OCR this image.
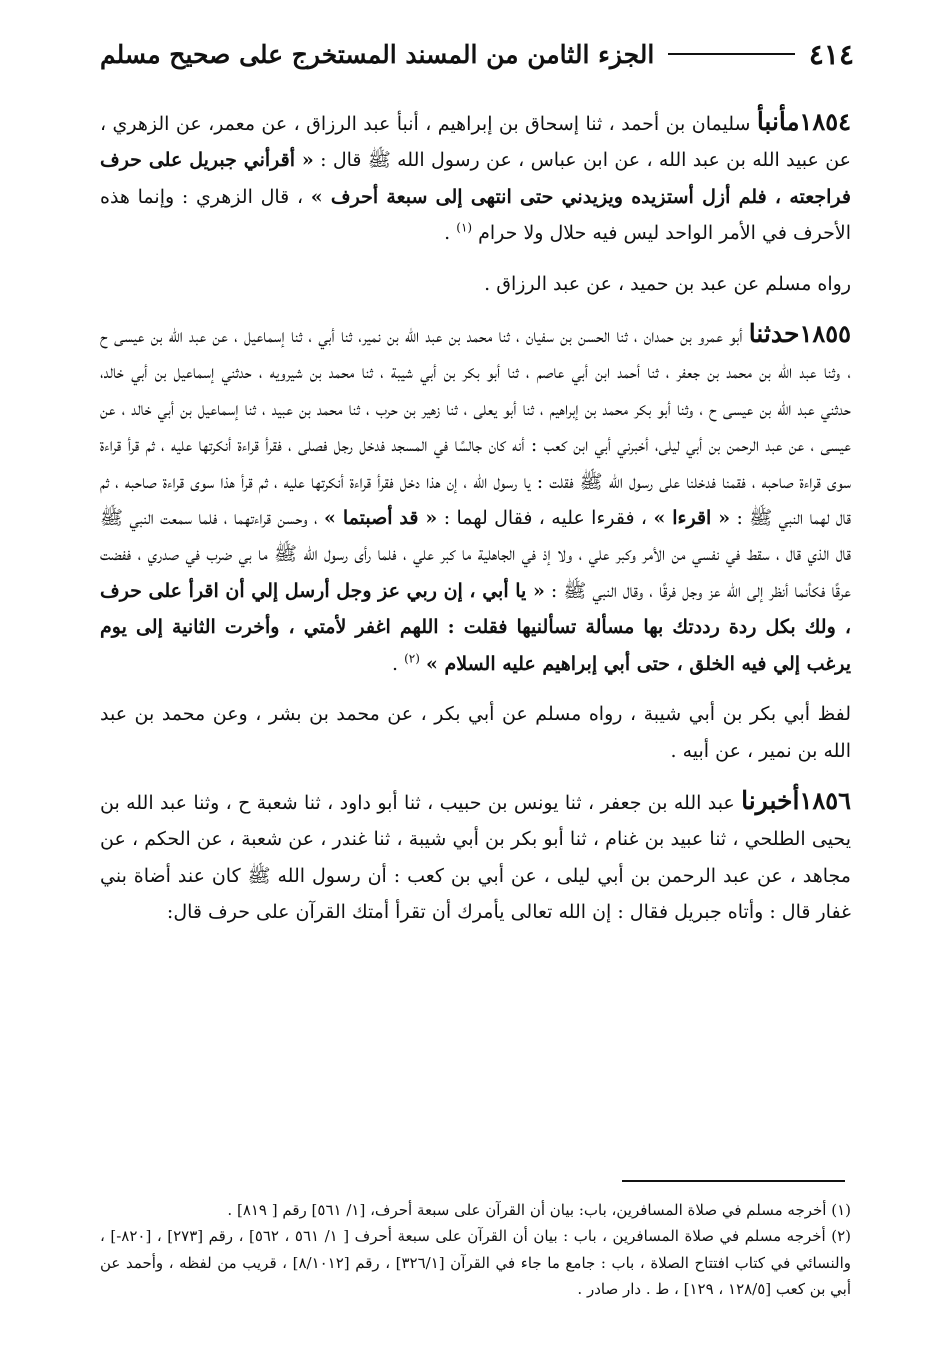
٤١٤
الجزء الثامن من المسند المستخرج على صحيح مسلم

١٨٥٤مأنبأ سليمان بن أحمد ، ثنا إسحاق بن إبراهيم ، أنبأ عبد الرزاق ، عن معمر، عن الزهري ، عن عبيد الله بن عبد الله ، عن ابن عباس ، عن رسول الله ﷺ قال : « أقرأني جبريل على حرف فراجعته ، فلم أزل أستزيده ويزيدني حتى انتهى إلى سبعة أحرف » ، قال الزهري : وإنما هذه الأحرف في الأمر الواحد ليس فيه حلال ولا حرام $^{(١)}$ .

رواه مسلم عن عبد بن حميد ، عن عبد الرزاق .

١٨٥٥حدثنا أبو عمرو بن حمدان ، ثنا الحسن بن سفيان ، ثنا محمد بن عبد الله بن نمير، ثنا أبي ، ثنا إسماعيل ، عن عبد الله بن عيسى ح ، وثنا عبد الله بن محمد بن جعفر ، ثنا أحمد ابن أبي عاصم ، ثنا أبو بكر بن أبي شيبة ، ثنا محمد بن شيرويه ، حدثني إسماعيل بن أبي خالد، حدثني عبد الله بن عيسى ح ، وثنا أبو بكر محمد بن إبراهيم ، ثنا أبو يعلى ، ثنا زهير بن حرب ، ثنا محمد بن عبيد ، ثنا إسماعيل بن أبي خالد ، عن عيسى ، عن عبد الرحمن بن أبي ليلى، أخبرني أبي ابن كعب : أنه كان جالسًا في المسجد فدخل رجل فصلى ، فقرأ قراءة أنكرتها عليه ، ثم قرأ قراءة سوى قراءة صاحبه ، فقمنا فدخلنا على رسول الله ﷺ فقلت : يا رسول الله ، إن هذا دخل فقرأ قراءة أنكرتها عليه ، ثم قرأ هذا سوى قراءة صاحبه ، ثم قال لهما النبي ﷺ : « اقرءا » ، فقرءا عليه ، فقال لهما : « قد أصبتما » ، وحسن قراءتهما ، فلما سمعت النبي ﷺ قال الذي قال ، سقط في نفسي من الأمر وكبر علي ، ولا إذ في الجاهلية ما كبر علي ، فلما رأى رسول الله ﷺ ما بي ضرب في صدري ، ففضت عرقًا فكأنما أنظر إلى الله عز وجل فرقًا ، وقال النبي ﷺ : « يا أبي ، إن ربي عز وجل أرسل إلي أن اقرأ على حرف ، ولك بكل ردة رددتك بها مسألة تسألنيها فقلت : اللهم اغفر لأمتي ، وأخرت الثانية إلى يوم يرغب إلي فيه الخلق ، حتى أبي إبراهيم عليه السلام » $^{(٢)}$ .

لفظ أبي بكر بن أبي شيبة ، رواه مسلم عن أبي بكر ، عن محمد بن بشر ، وعن محمد بن عبد الله بن نمير ، عن أبيه .

١٨٥٦أخبرنا عبد الله بن جعفر ، ثنا يونس بن حبيب ، ثنا أبو داود ، ثنا شعبة ح ، وثنا عبد الله بن يحيى الطلحي ، ثنا عبيد بن غنام ، ثنا أبو بكر بن أبي شيبة ، ثنا غندر ، عن شعبة ، عن الحكم ، عن مجاهد ، عن عبد الرحمن بن أبي ليلى ، عن أبي بن كعب : أن رسول الله ﷺ كان عند أضاة بني غفار قال : وأتاه جبريل فقال : إن الله تعالى يأمرك أن تقرأ أمتك القرآن على حرف قال:

(١) أخرجه مسلم في صلاة المسافرين، باب: بيان أن القرآن على سبعة أحرف، [١/ ٥٦١] رقم [ ٨١٩] .

(٢) أخرجه مسلم في صلاة المسافرين ، باب : بيان أن القرآن على سبعة أحرف [ ١/ ٥٦١ ، ٥٦٢] ، رقم [٢٧٣] ، [٨٢٠-] ، والنسائي في كتاب افتتاح الصلاة ، باب : جامع ما جاء في القرآن [٣٢٦/١] ، رقم [٨/١٠١٢] ، قريب من لفظه ، وأحمد عن أبي بن كعب [١٢٨/٥ ، ١٢٩] ، ط . دار صادر .
